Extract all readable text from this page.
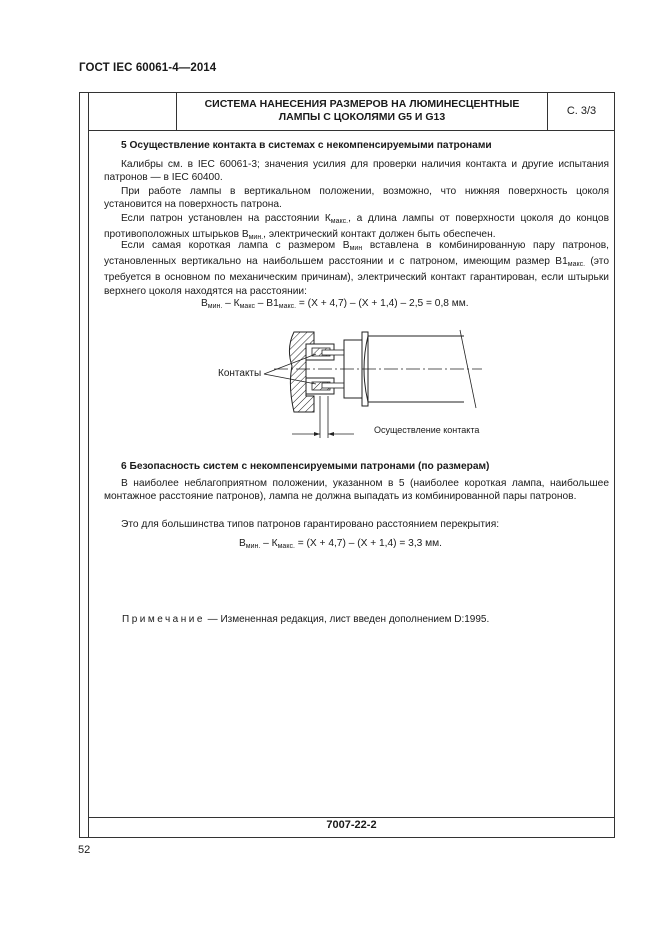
ГОСТ IEC 60061-4—2014
СИСТЕМА НАНЕСЕНИЯ РАЗМЕРОВ НА ЛЮМИНЕСЦЕНТНЫЕ
ЛАМПЫ С ЦОКОЛЯМИ G5 И G13	С. 3/3
5 Осуществление контакта в системах с некомпенсируемыми патронами
Калибры см. в IEC 60061-3; значения усилия для проверки наличия контакта и другие испытания патронов — в IEC 60400.
При работе лампы в вертикальном положении, возможно, что нижняя поверхность цоколя установится на поверхность патрона.
Если патрон установлен на расстоянии $К_{макс.}$, а длина лампы от поверхности цоколя до концов противоположных штырьков $В_{мин.}$, электрический контакт должен быть обеспечен.
Если самая короткая лампа с размером $В_{мин}$ вставлена в комбинированную пару патронов, установленных вертикально на наибольшем расстоянии и с патроном, имеющим размер $В1_{макс.}$ (это требуется в основном по механическим причинам), электрический контакт гарантирован, если штырьки верхнего цоколя находятся на расстоянии:
$В_{мин.} - К_{макс} - В1_{макс.} = (X + 4,7) - (X + 1,4) - 2,5 = 0,8$ мм.
Контакты
Осуществление контакта
6 Безопасность систем с некомпенсируемыми патронами (по размерам)
В наиболее неблагоприятном положении, указанном в 5 (наиболее короткая лампа, наибольшее монтажное расстояние патронов), лампа не должна выпадать из комбинированной пары патронов.
Это для большинства типов патронов гарантировано расстоянием перекрытия:
$В_{мин.} - К_{макс.} = (X + 4,7) - (X + 1,4) = 3,3$ мм.
Примечание — Измененная редакция, лист введен дополнением D:1995.
7007-22-2
52
